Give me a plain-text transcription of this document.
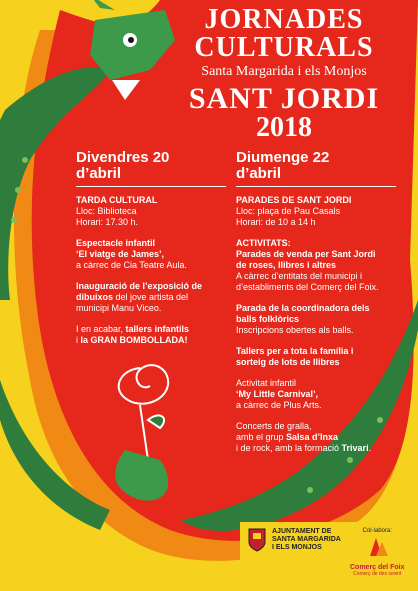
JORNADES
CULTURALS
Santa Margarida i els Monjos
SANT JORDI
2018
Divendres 20
d’abril
TARDA CULTURAL
Lloc: Biblioteca
Horari: 17.30 h.
Espectacle infantil
‘El viatge de James’,
a càrrec de Cia Teatre Aula.
Inauguració de l’exposició de
dibuixos del jove artista del
municipi Manu Viceo.
I en acabar, tallers infantils
i la GRAN BOMBOLLADA!
Diumenge 22
d’abril
PARADES DE SANT JORDI
Lloc: plaça de Pau Casals
Horari: de 10 a 14 h
ACTIVITATS:
Parades de venda per Sant Jordi
de roses, llibres i altres
A càrrec d’entitats del municipi i
d’establiments del Comerç del Foix.
Parada de la coordinadora dels
balls folklòrics
Inscripcions obertes als balls.
Tallers per a tota la família i
sorteig de lots de llibres
Activitat infantil
‘My Little Carnival’,
a càrrec de Plus Arts.
Concerts de gralla,
amb el grup Salsa d’Inxa
i de rock, amb la formació Trivari.
AJUNTAMENT DE
SANTA MARGARIDA
I ELS MONJOS
Col·labora:
Comerç del Foix
Comerç de des sovint
